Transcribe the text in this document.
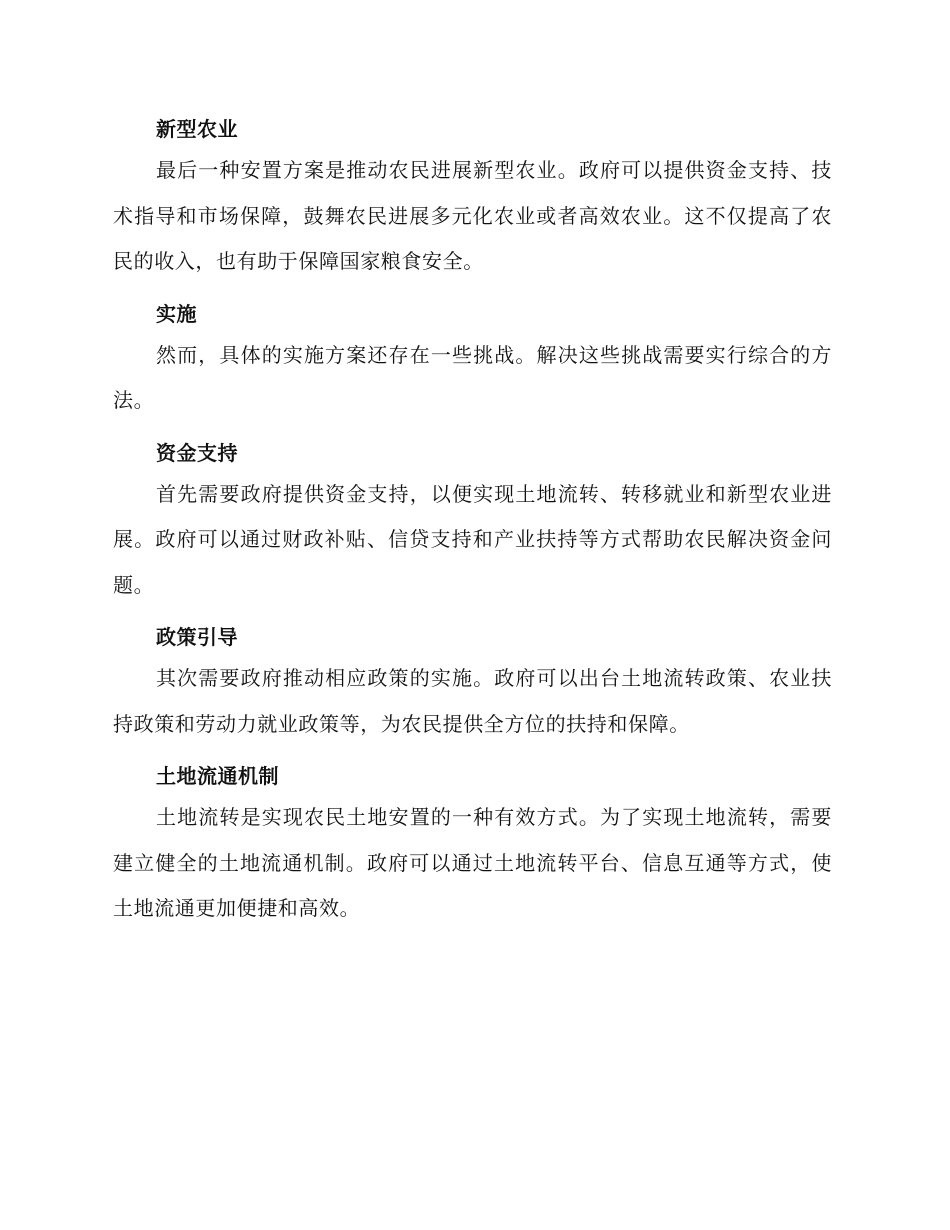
新型农业

最后一种安置方案是推动农民进展新型农业。政府可以提供资金支持、技术指导和市场保障，鼓舞农民进展多元化农业或者高效农业。这不仅提高了农民的收入，也有助于保障国家粮食安全。

实施

然而，具体的实施方案还存在一些挑战。解决这些挑战需要实行综合的方法。

资金支持

首先需要政府提供资金支持，以便实现土地流转、转移就业和新型农业进展。政府可以通过财政补贴、信贷支持和产业扶持等方式帮助农民解决资金问题。

政策引导

其次需要政府推动相应政策的实施。政府可以出台土地流转政策、农业扶持政策和劳动力就业政策等，为农民提供全方位的扶持和保障。

土地流通机制

土地流转是实现农民土地安置的一种有效方式。为了实现土地流转，需要建立健全的土地流通机制。政府可以通过土地流转平台、信息互通等方式，使土地流通更加便捷和高效。
